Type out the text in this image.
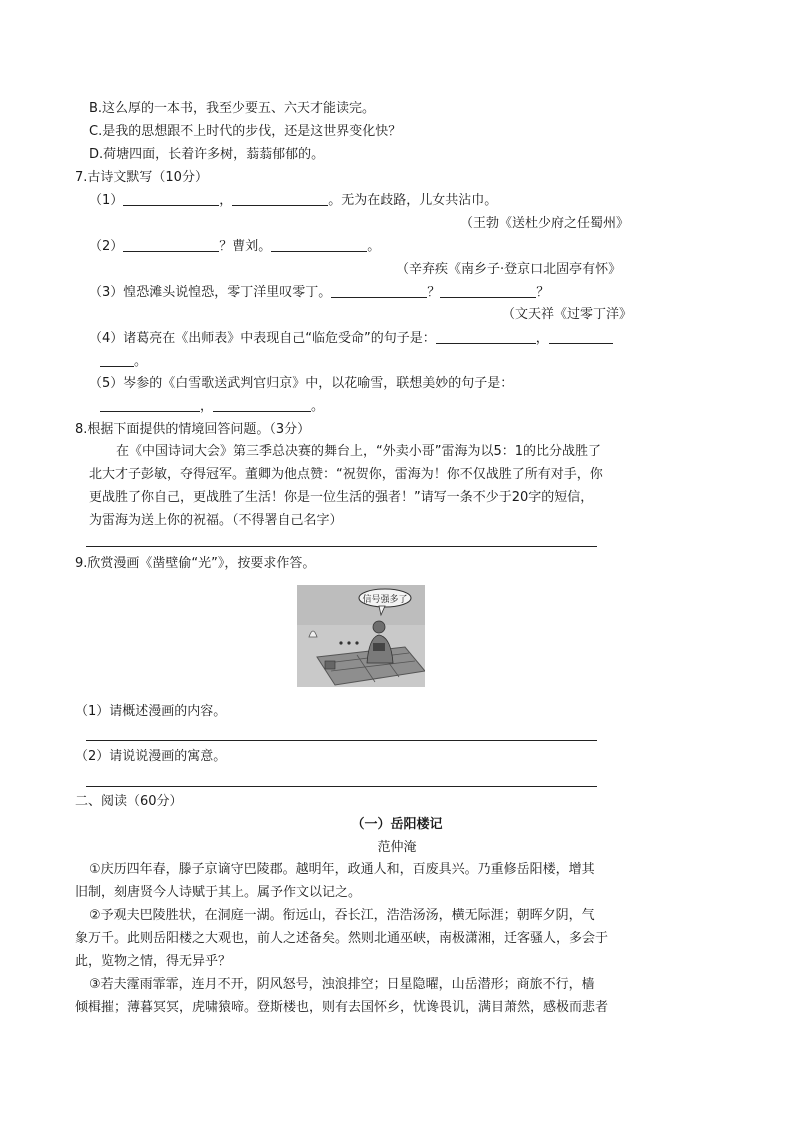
B.这么厚的一本书，我至少要五、六天才能读完。
C.是我的思想跟不上时代的步伐，还是这世界变化快？
D.荷塘四面，长着许多树，蓊蓊郁郁的。
7.古诗文默写（10分）
（1）	，	。无为在歧路，儿女共沾巾。
（王勃《送杜少府之任蜀州》
（2）	？曹刘。	。
（辛弃疾《南乡子·登京口北固亭有怀》
（3）惶恐滩头说惶恐，零丁洋里叹零丁。	？	？
（文天祥《过零丁洋》
（4）诸葛亮在《出师表》中表现自己“临危受命”的句子是：	，
。
（5）岑参的《白雪歌送武判官归京》中，以花喻雪，联想美妙的句子是：
，	。
8.根据下面提供的情境回答问题。（3分）
在《中国诗词大会》第三季总决赛的舞台上，“外卖小哥”雷海为以5：1的比分战胜了
北大才子彭敏，夺得冠军。董卿为他点赞：“祝贺你，雷海为！你不仅战胜了所有对手，你
更战胜了你自己，更战胜了生活！你是一位生活的强者！”请写一条不少于20字的短信，
为雷海为送上你的祝福。（不得署自己名字）
9.欣赏漫画《凿壁偷“光”》，按要求作答。
信号强多了
（1）请概述漫画的内容。
（2）请说说漫画的寓意。
二、阅读（60分）
（一）岳阳楼记
范仲淹
①庆历四年春，滕子京谪守巴陵郡。越明年，政通人和，百废具兴。乃重修岳阳楼，增其
旧制，刻唐贤今人诗赋于其上。属予作文以记之。
②予观夫巴陵胜状，在洞庭一湖。衔远山，吞长江，浩浩汤汤，横无际涯；朝晖夕阴，气
象万千。此则岳阳楼之大观也，前人之述备矣。然则北通巫峡，南极潇湘，迁客骚人，多会于
此，览物之情，得无异乎？
③若夫霪雨霏霏，连月不开，阴风怒号，浊浪排空；日星隐曜，山岳潜形；商旅不行，樯
倾楫摧；薄暮冥冥，虎啸猿啼。登斯楼也，则有去国怀乡，忧谗畏讥，满目萧然，感极而悲者
